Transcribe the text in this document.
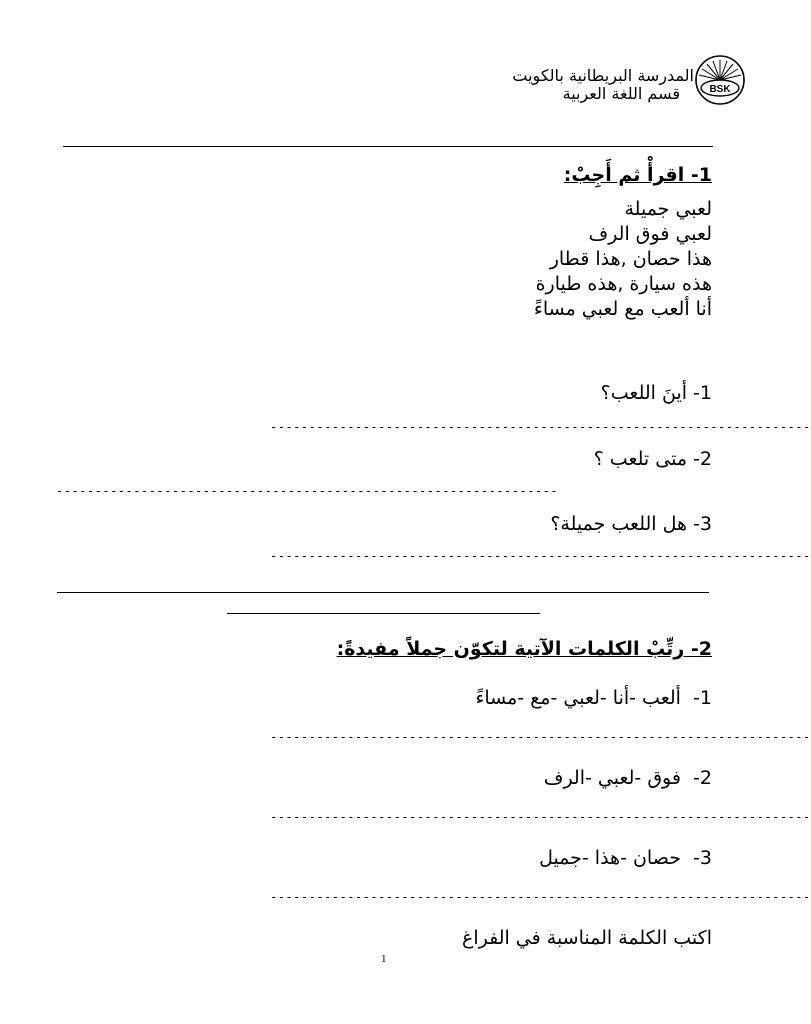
BSK
المدرسة البريطانية بالكويت
قسم اللغة العربية
1- اقرأْ ثم أَجِبْ:
لعبي جميلة
لعبي فوق الرف
هذا حصان ,هذا قطار
هذه سيارة ,هذه طيارة
أنا ألعب مع لعبي مساءً
1- أينَ اللعب؟
----------------------------------------------------------------------
2- متى تلعب ؟
-----------------------------------------------------------------
3- هل اللعب جميلة؟
----------------------------------------------------------------------
2- رتِّبْ الكلمات الآتية لتكوّن جملاً مفيدةً:
1-  ألعب -أنا -لعبي -مع -مساءً
----------------------------------------------------------------------
2-  فوق -لعبي -الرف
----------------------------------------------------------------------
3-  حصان -هذا -جميل
----------------------------------------------------------------------
اكتب الكلمة المناسبة في الفراغ
1
